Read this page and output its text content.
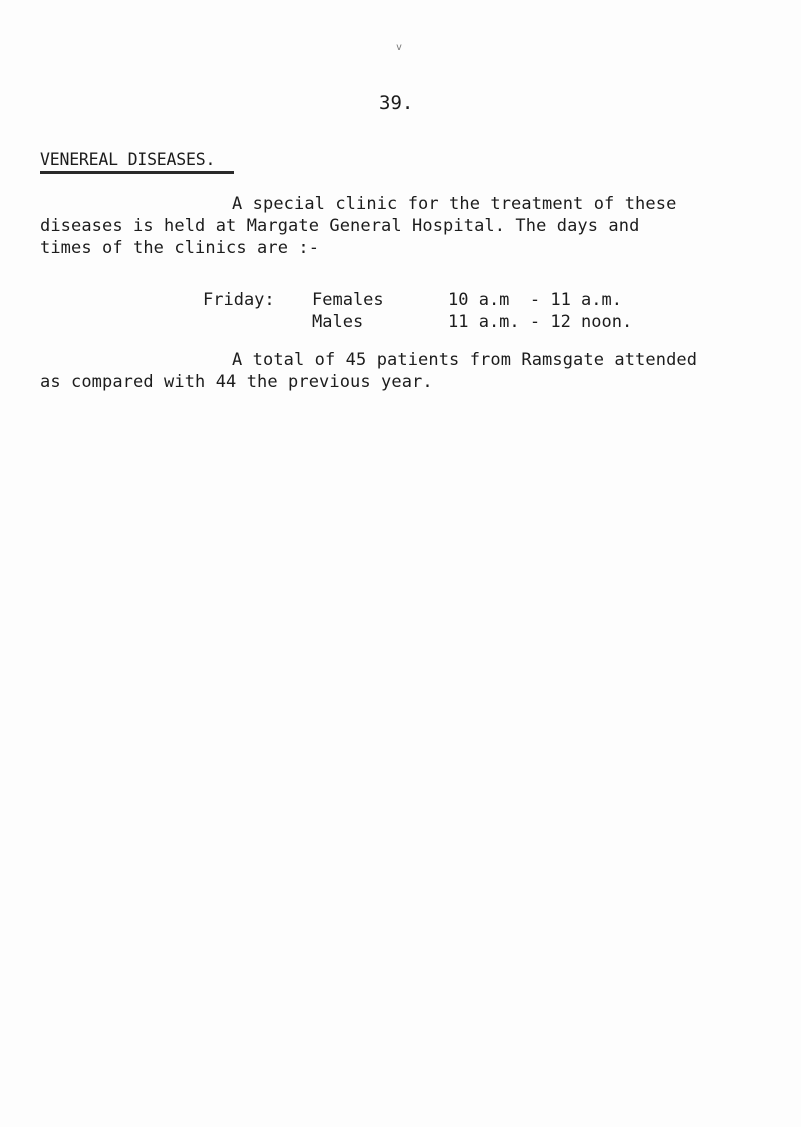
v
39.
VENEREAL DISEASES.
A special clinic for the treatment of these
diseases is held at Margate General Hospital. The days and
times of the clinics are :-
Friday: Females	10 a.m  - 11 a.m.
Males	11 a.m. - 12 noon.
A total of 45 patients from Ramsgate attended
as compared with 44 the previous year.
